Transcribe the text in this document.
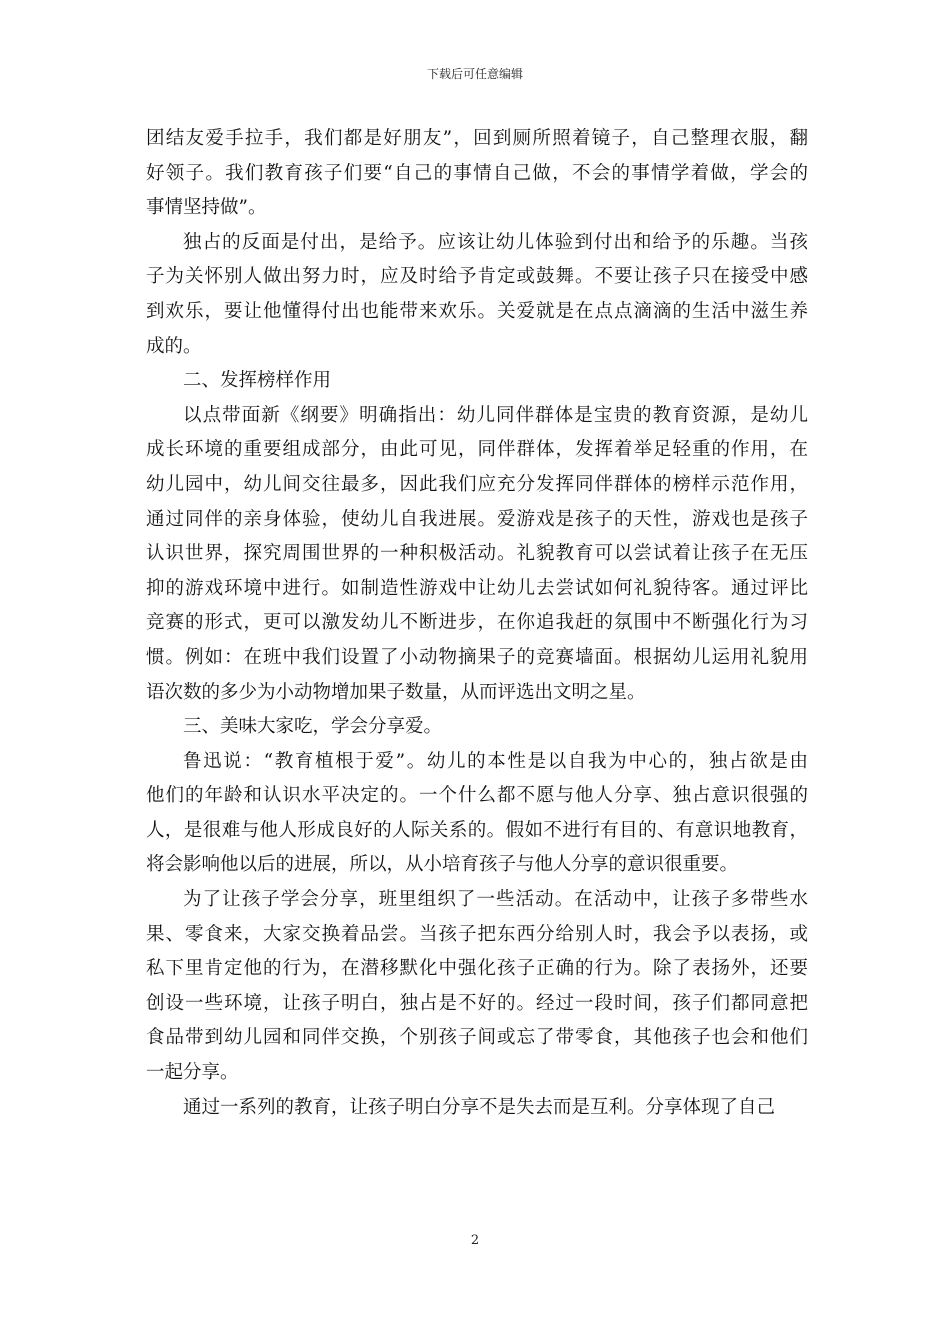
下载后可任意编辑
团结友爱手拉手，我们都是好朋友”，回到厕所照着镜子，自己整理衣服，翻
好领子。我们教育孩子们要“自己的事情自己做，不会的事情学着做，学会的
事情坚持做”。
独占的反面是付出，是给予。应该让幼儿体验到付出和给予的乐趣。当孩
子为关怀别人做出努力时，应及时给予肯定或鼓舞。不要让孩子只在接受中感
到欢乐，要让他懂得付出也能带来欢乐。关爱就是在点点滴滴的生活中滋生养
成的。
二、发挥榜样作用
以点带面新《纲要》明确指出：幼儿同伴群体是宝贵的教育资源，是幼儿
成长环境的重要组成部分，由此可见，同伴群体，发挥着举足轻重的作用，在
幼儿园中，幼儿间交往最多，因此我们应充分发挥同伴群体的榜样示范作用，
通过同伴的亲身体验，使幼儿自我进展。爱游戏是孩子的天性，游戏也是孩子
认识世界，探究周围世界的一种积极活动。礼貌教育可以尝试着让孩子在无压
抑的游戏环境中进行。如制造性游戏中让幼儿去尝试如何礼貌待客。通过评比
竞赛的形式，更可以激发幼儿不断进步，在你追我赶的氛围中不断强化行为习
惯。例如：在班中我们设置了小动物摘果子的竞赛墙面。根据幼儿运用礼貌用
语次数的多少为小动物增加果子数量，从而评选出文明之星。
三、美味大家吃，学会分享爱。
鲁迅说：“教育植根于爱”。幼儿的本性是以自我为中心的，独占欲是由
他们的年龄和认识水平决定的。一个什么都不愿与他人分享、独占意识很强的
人，是很难与他人形成良好的人际关系的。假如不进行有目的、有意识地教育，
将会影响他以后的进展，所以，从小培育孩子与他人分享的意识很重要。
为了让孩子学会分享，班里组织了一些活动。在活动中，让孩子多带些水
果、零食来，大家交换着品尝。当孩子把东西分给别人时，我会予以表扬，或
私下里肯定他的行为，在潜移默化中强化孩子正确的行为。除了表扬外，还要
创设一些环境，让孩子明白，独占是不好的。经过一段时间，孩子们都同意把
食品带到幼儿园和同伴交换，个别孩子间或忘了带零食，其他孩子也会和他们
一起分享。
通过一系列的教育，让孩子明白分享不是失去而是互利。分享体现了自己
2
